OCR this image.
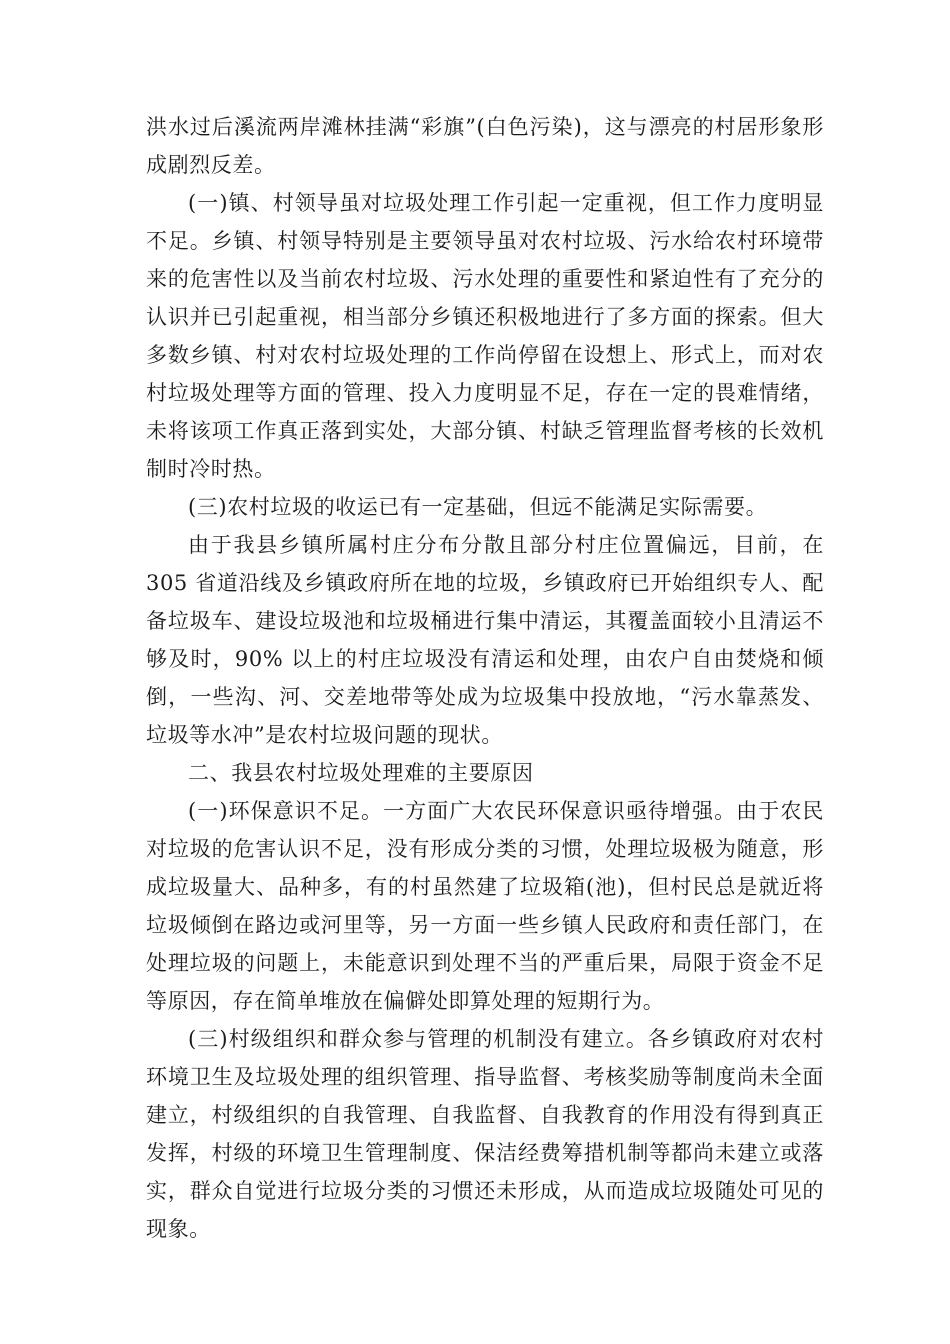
洪水过后溪流两岸滩林挂满“彩旗”(白色污染)，这与漂亮的村居形象形成剧烈反差。

(一)镇、村领导虽对垃圾处理工作引起一定重视，但工作力度明显不足。乡镇、村领导特别是主要领导虽对农村垃圾、污水给农村环境带来的危害性以及当前农村垃圾、污水处理的重要性和紧迫性有了充分的认识并已引起重视，相当部分乡镇还积极地进行了多方面的探索。但大多数乡镇、村对农村垃圾处理的工作尚停留在设想上、形式上，而对农村垃圾处理等方面的管理、投入力度明显不足，存在一定的畏难情绪，未将该项工作真正落到实处，大部分镇、村缺乏管理监督考核的长效机制时冷时热。

(三)农村垃圾的收运已有一定基础，但远不能满足实际需要。

由于我县乡镇所属村庄分布分散且部分村庄位置偏远，目前，在305 省道沿线及乡镇政府所在地的垃圾，乡镇政府已开始组织专人、配备垃圾车、建设垃圾池和垃圾桶进行集中清运，其覆盖面较小且清运不够及时，90% 以上的村庄垃圾没有清运和处理，由农户自由焚烧和倾倒，一些沟、河、交差地带等处成为垃圾集中投放地，“污水靠蒸发、垃圾等水冲”是农村垃圾问题的现状。

二、我县农村垃圾处理难的主要原因

(一)环保意识不足。一方面广大农民环保意识亟待增强。由于农民对垃圾的危害认识不足，没有形成分类的习惯，处理垃圾极为随意，形成垃圾量大、品种多，有的村虽然建了垃圾箱(池)，但村民总是就近将垃圾倾倒在路边或河里等，另一方面一些乡镇人民政府和责任部门，在处理垃圾的问题上，未能意识到处理不当的严重后果，局限于资金不足等原因，存在简单堆放在偏僻处即算处理的短期行为。

(三)村级组织和群众参与管理的机制没有建立。各乡镇政府对农村环境卫生及垃圾处理的组织管理、指导监督、考核奖励等制度尚未全面建立，村级组织的自我管理、自我监督、自我教育的作用没有得到真正发挥，村级的环境卫生管理制度、保洁经费筹措机制等都尚未建立或落实，群众自觉进行垃圾分类的习惯还未形成，从而造成垃圾随处可见的现象。
